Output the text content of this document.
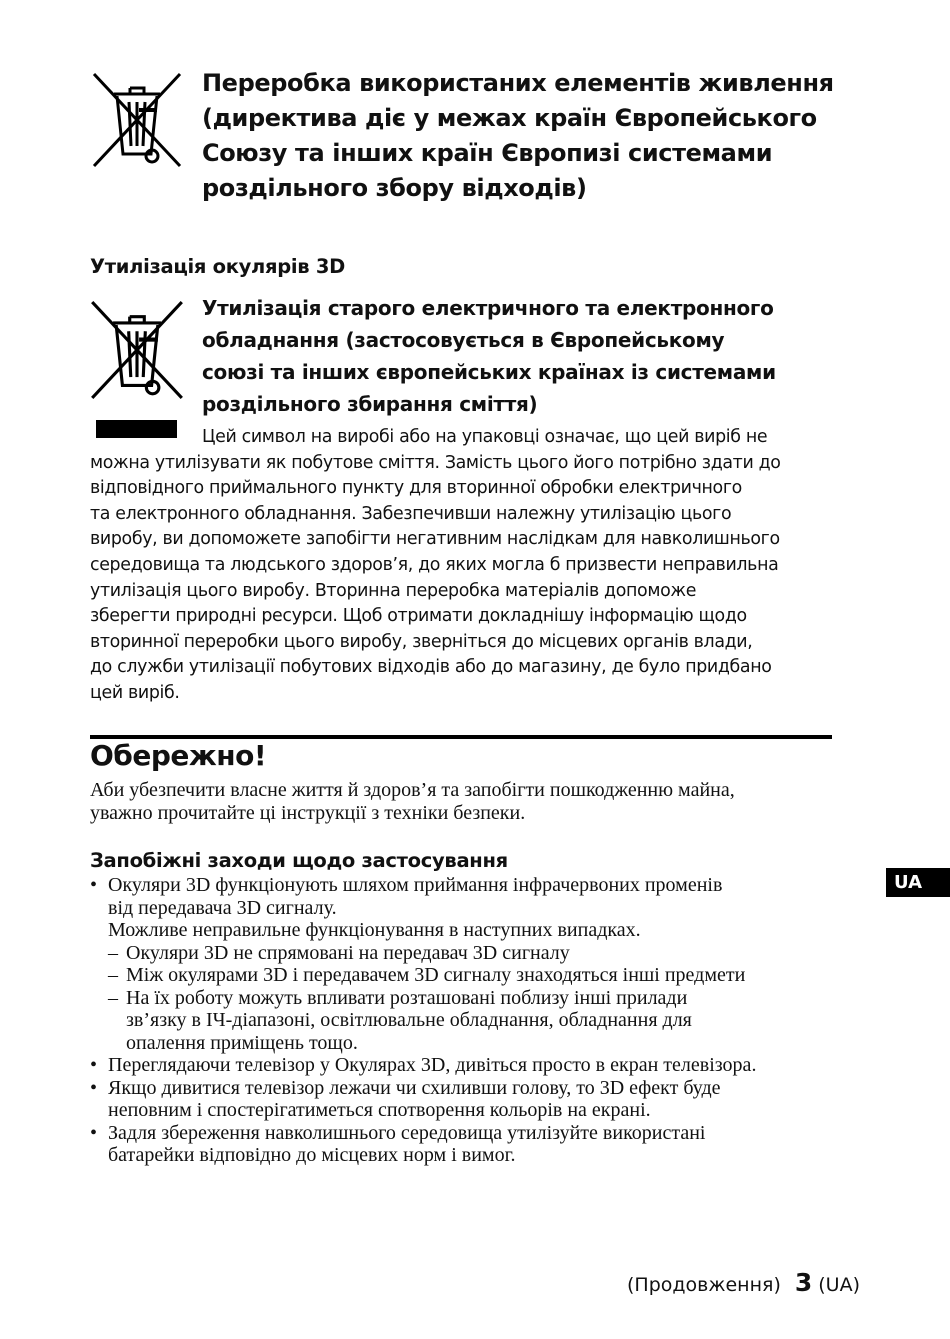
Переробка використаних елементів живлення
(директива діє у межах країн Європейського
Союзу та інших країн Європизі системами
роздільного збору відходів)
Утилізація окулярів 3D
Утилізація старого електричного та електронного
обладнання (застосовується в Європейському
союзі та інших європейських країнах із системами
роздільного збирання сміття)
Цей символ на виробі або на упаковці означає, що цей виріб не
можна утилізувати як побутове сміття. Замість цього його потрібно здати до
відповідного приймального пункту для вторинної обробки електричного
та електронного обладнання. Забезпечивши належну утилізацію цього
виробу, ви допоможете запобігти негативним наслідкам для навколишнього
середовища та людського здоров’я, до яких могла б призвести неправильна
утилізація цього виробу. Вторинна переробка матеріалів допоможе
зберегти природні ресурси. Щоб отримати докладнішу інформацію щодо
вторинної переробки цього виробу, зверніться до місцевих органів влади,
до служби утилізації побутових відходів або до магазину, де було придбано
цей виріб.
Обережно!
Аби убезпечити власне життя й здоров’я та запобігти пошкодженню майна,
уважно прочитайте ці інструкції з техніки безпеки.
Запобіжні заходи щодо застосування
• Окуляри 3D функціонують шляхом приймання інфрачервоних променів
від передавача 3D сигналу.
Можливе неправильне функціонування в наступних випадках.
– Окуляри 3D не спрямовані на передавач 3D сигналу
– Між окулярами 3D і передавачем 3D сигналу знаходяться інші предмети
– На їх роботу можуть впливати розташовані поблизу інші прилади
зв’язку в ІЧ-діапазоні, освітлювальне обладнання, обладнання для
опалення приміщень тощо.
• Переглядаючи телевізор у Окулярах 3D, дивіться просто в екран телевізора.
• Якщо дивитися телевізор лежачи чи схиливши голову, то 3D ефект буде
неповним і спостерігатиметься спотворення кольорів на екрані.
• Задля збереження навколишнього середовища утилізуйте використані
батарейки відповідно до місцевих норм і вимог.
UA
(Продовження) 3 (UA)
